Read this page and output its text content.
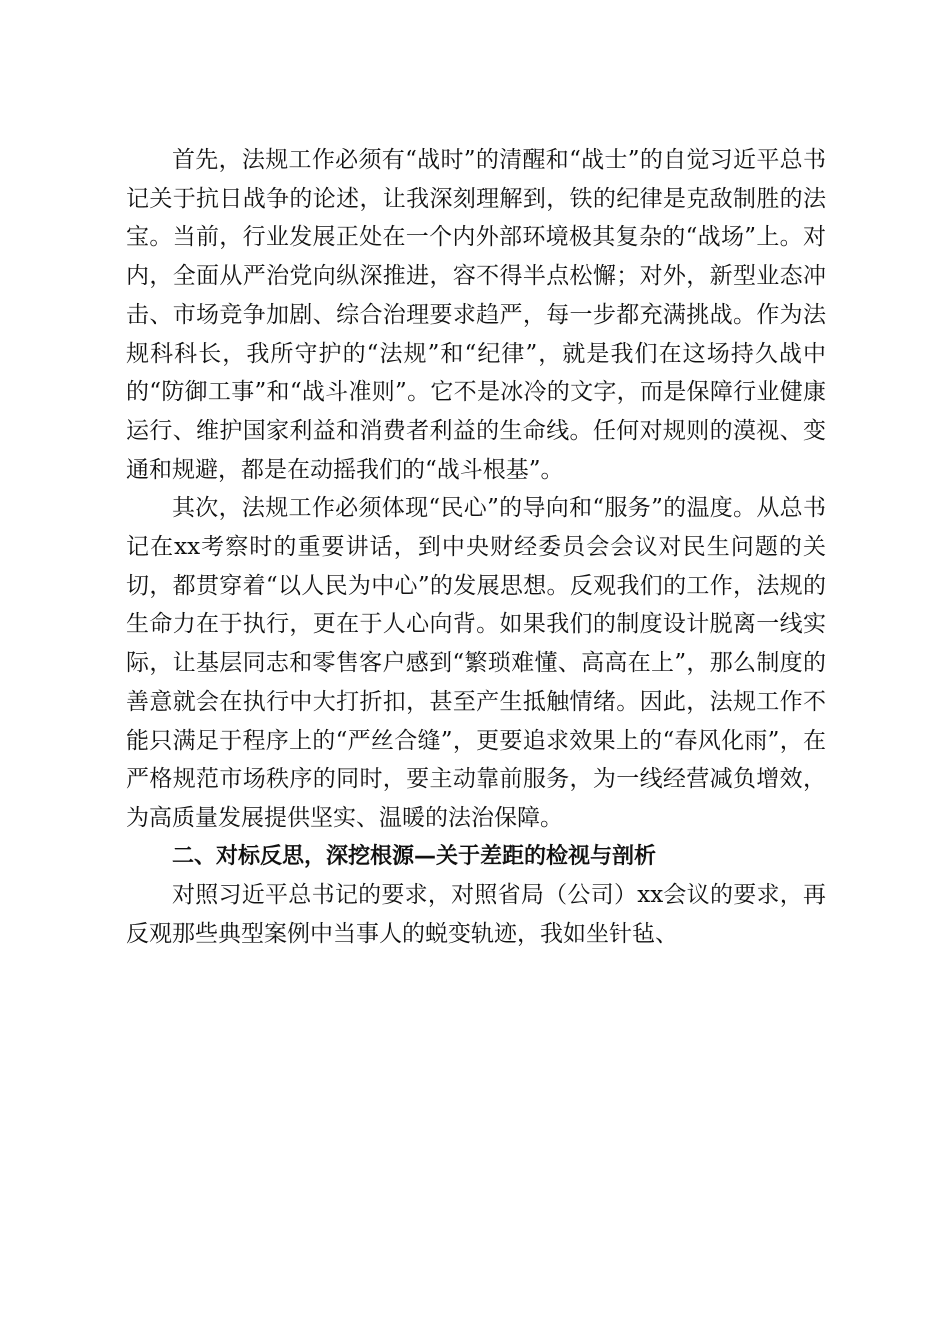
首先，法规工作必须有“战时”的清醒和“战士”的自觉习近平总书记关于抗日战争的论述，让我深刻理解到，铁的纪律是克敌制胜的法宝。当前，行业发展正处在一个内外部环境极其复杂的“战场”上。对内，全面从严治党向纵深推进，容不得半点松懈；对外，新型业态冲击、市场竞争加剧、综合治理要求趋严，每一步都充满挑战。作为法规科科长，我所守护的“法规”和“纪律”，就是我们在这场持久战中的“防御工事”和“战斗准则”。它不是冰冷的文字，而是保障行业健康运行、维护国家利益和消费者利益的生命线。任何对规则的漠视、变通和规避，都是在动摇我们的“战斗根基”。

其次，法规工作必须体现“民心”的导向和“服务”的温度。从总书记在xx考察时的重要讲话，到中央财经委员会会议对民生问题的关切，都贯穿着“以人民为中心”的发展思想。反观我们的工作，法规的生命力在于执行，更在于人心向背。如果我们的制度设计脱离一线实际，让基层同志和零售客户感到“繁琐难懂、高高在上”，那么制度的善意就会在执行中大打折扣，甚至产生抵触情绪。因此，法规工作不能只满足于程序上的“严丝合缝”，更要追求效果上的“春风化雨”，在严格规范市场秩序的同时，要主动靠前服务，为一线经营减负增效，为高质量发展提供坚实、温暖的法治保障。

二、对标反思，深挖根源—关于差距的检视与剖析

对照习近平总书记的要求，对照省局（公司）xx会议的要求，再反观那些典型案例中当事人的蜕变轨迹，我如坐针毡、
